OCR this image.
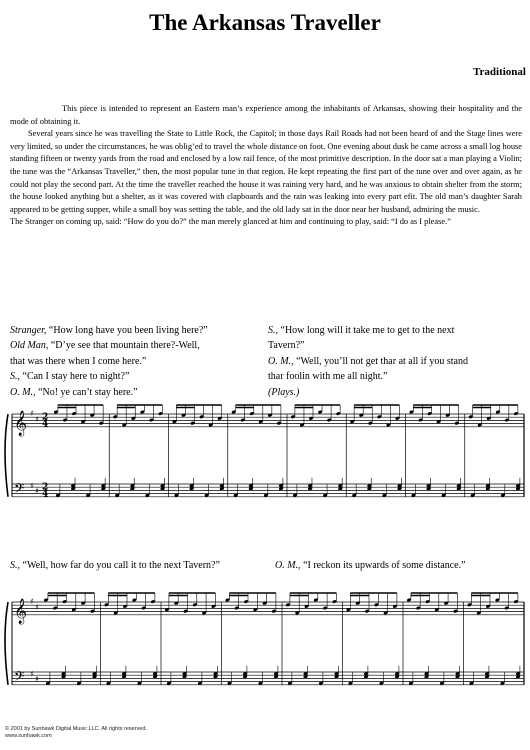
The Arkansas Traveller
Traditional

This piece is intended to represent an Eastern man’s experience among the inhabitants of Arkansas, showing their hospitality and the mode of obtaining it.

Several years since he was travelling the State to Little Rock, the Capitol; in those days Rail Roads had not been heard of and the Stage lines were very limited, so under the circumstances, he was oblig’ed to travel the whole distance on foot. One evening about dusk he came across a small log house standing fifteen or twenty yards from the road and enclosed by a low rail fence, of the most primitive description. In the door sat a man playing a Violin; the tune was the “Arkansas Traveller,” then, the most popular tune in that region. He kept repeating the first part of the tune over and over again, as he could not play the second part. At the time the traveller reached the house it was raining very hard, and he was anxious to obtain shelter from the storm; the house looked anything but a shelter, as it was covered with clapboards and the rain was leaking into every part efit. The old man’s daughter Sarah appeared to be getting supper, while a small boy was setting the table, and the old lady sat in the door near her husband, admiring the music.

The Stranger on coming up, said: “How do you do?” the man merely glanced at him and continuing to play, said: “I do as I please.”

Stranger, “How long have you been living here?”
Old Man, “D’ye see that mountain there?-Well,
that was there when I come here.”
S., “Can I stay here to night?”
O. M., “No! ye can’t stay here.”
S., “How long will it take me to get to the next
Tavern?”
O. M., “Well, you’ll not get thar at all if you stand
thar foolin with me all night.”
(Plays.)
𝄞
𝄢
♯
♯
♯
♯
2
4
2
4
S., “Well, how far do you call it to the next Tavern?”	O. M., “I reckon its upwards of some distance.”
𝄞
𝄢
♯
♯
♯
♯
© 2001 by Sunhawk Digital Music LLC. All rights reserved.
www.sunhawk.com
